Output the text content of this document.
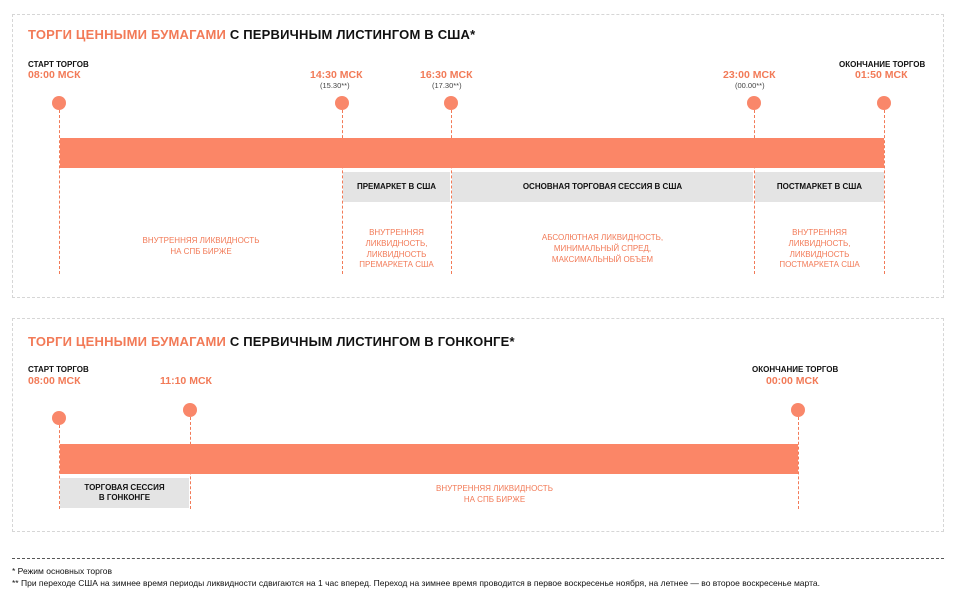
ТОРГИ ЦЕННЫМИ БУМАГАМИ С ПЕРВИЧНЫМ ЛИСТИНГОМ В США*
СТАРТ ТОРГОВ
08:00 МСК	14:30 МСК
(15.30**)
16:30 МСК
(17.30**)
23:00 МСК
(00.00**)
ОКОНЧАНИЕ ТОРГОВ
01:50 МСК
ПРЕМАРКЕТ В США	ОСНОВНАЯ ТОРГОВАЯ СЕССИЯ В США	ПОСТМАРКЕТ В США
ВНУТРЕННЯЯ ЛИКВИДНОСТЬ
НА СПБ БИРЖЕ
ВНУТРЕННЯЯ
ЛИКВИДНОСТЬ,
ЛИКВИДНОСТЬ
ПРЕМАРКЕТА США
АБСОЛЮТНАЯ ЛИКВИДНОСТЬ,
МИНИМАЛЬНЫЙ СПРЕД,
МАКСИМАЛЬНЫЙ ОБЪЕМ
ВНУТРЕННЯЯ
ЛИКВИДНОСТЬ,
ЛИКВИДНОСТЬ
ПОСТМАРКЕТА США
ТОРГИ ЦЕННЫМИ БУМАГАМИ С ПЕРВИЧНЫМ ЛИСТИНГОМ В ГОНКОНГЕ*
СТАРТ ТОРГОВ
08:00 МСК	11:10 МСК
ОКОНЧАНИЕ ТОРГОВ
00:00 МСК
ТОРГОВАЯ СЕССИЯ
В ГОНКОНГЕ
ВНУТРЕННЯЯ ЛИКВИДНОСТЬ
НА СПБ БИРЖЕ
* Режим основных торгов
** При переходе США на зимнее время периоды ликвидности сдвигаются на 1 час вперед. Переход на зимнее время проводится в первое воскресенье ноября, на летнее — во второе воскресенье марта.
